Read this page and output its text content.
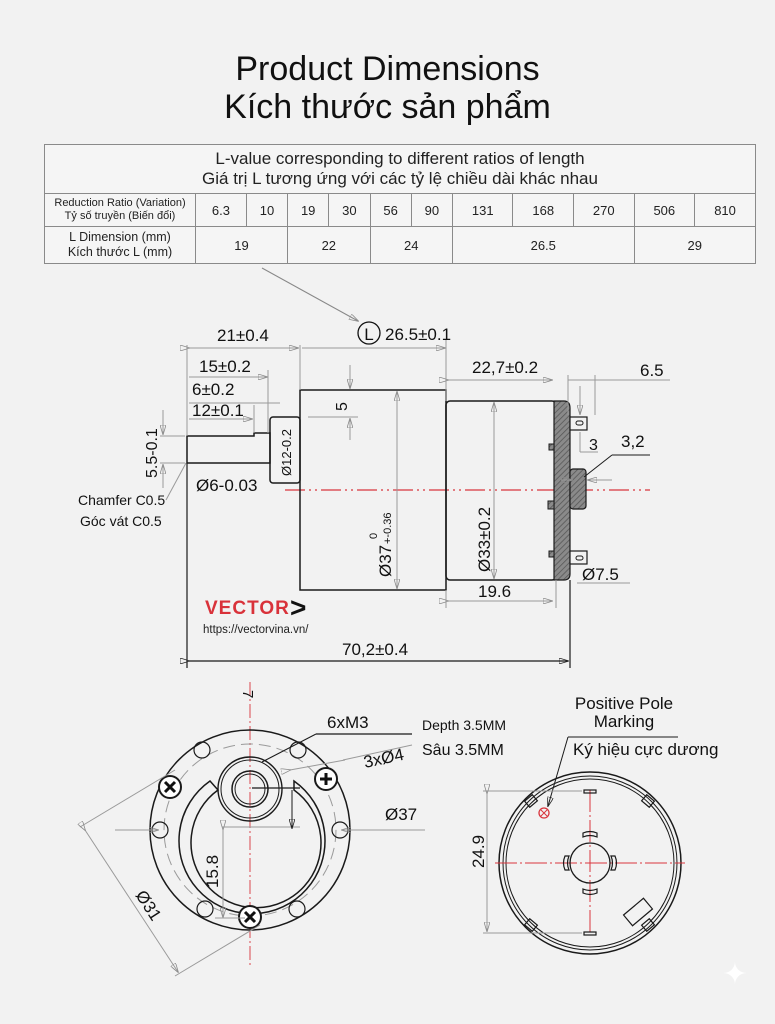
Product Dimensions
Kích thước sản phẩm
L-value corresponding to different ratios of length
Giá trị L tương ứng với các tỷ lệ chiều dài khác nhau											

Reduction Ratio (Variation)
Tỷ số truyền (Biến đổi)	6.3	10	19	30	56	90	131	168	270	506	810

L Dimension (mm)
Kích thước L (mm)	19		22		24		26.5			29	
L 26.5±0.1
21±0.4
15±0.2
6±0.2
12±0.1	5
5.5-0.1	Ø12-0.2
Ø6-0.03
Chamfer C0.5
Góc vát C0.5
Ø37
0 +-0.36	Ø33±0.2
22,7±0.2	6.5
3 3,2
Ø7.5
19.6
70,2±0.4
7
6xM3	Depth 3.5MM
Sâu 3.5MM
3xØ4
Ø37
15.8
Ø31
Positive Pole
Marking
Ký hiệu cực dương
24.9
VECTOR >
https://vectorvina.vn/
✦
